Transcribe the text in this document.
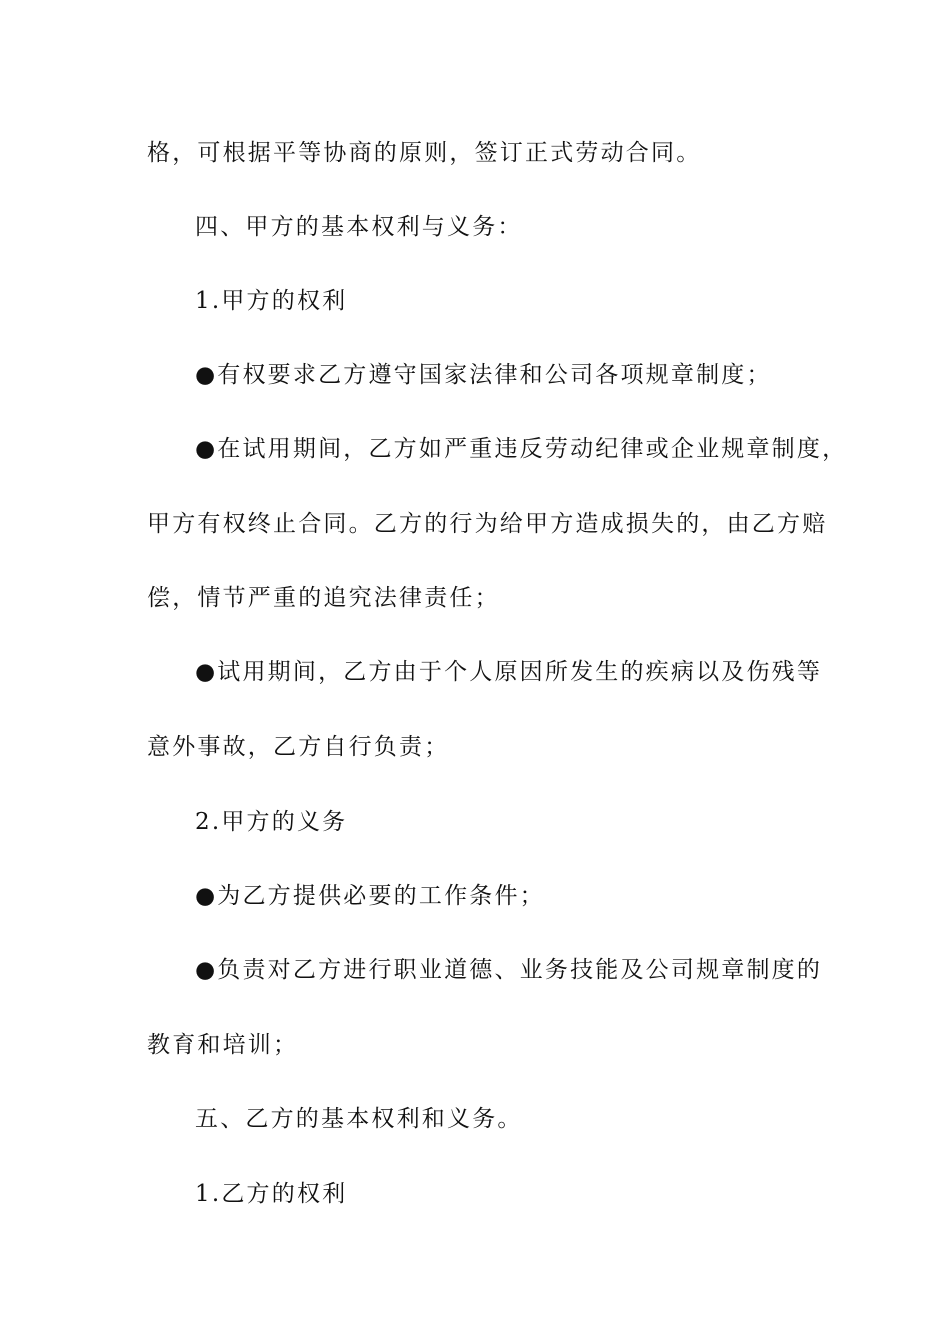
格，可根据平等协商的原则，签订正式劳动合同。
四、甲方的基本权利与义务：
1.甲方的权利
●有权要求乙方遵守国家法律和公司各项规章制度；
●在试用期间，乙方如严重违反劳动纪律或企业规章制度，
甲方有权终止合同。乙方的行为给甲方造成损失的，由乙方赔
偿，情节严重的追究法律责任；
●试用期间，乙方由于个人原因所发生的疾病以及伤残等
意外事故，乙方自行负责；
2.甲方的义务
●为乙方提供必要的工作条件；
●负责对乙方进行职业道德、业务技能及公司规章制度的
教育和培训；
五、乙方的基本权利和义务。
1.乙方的权利
